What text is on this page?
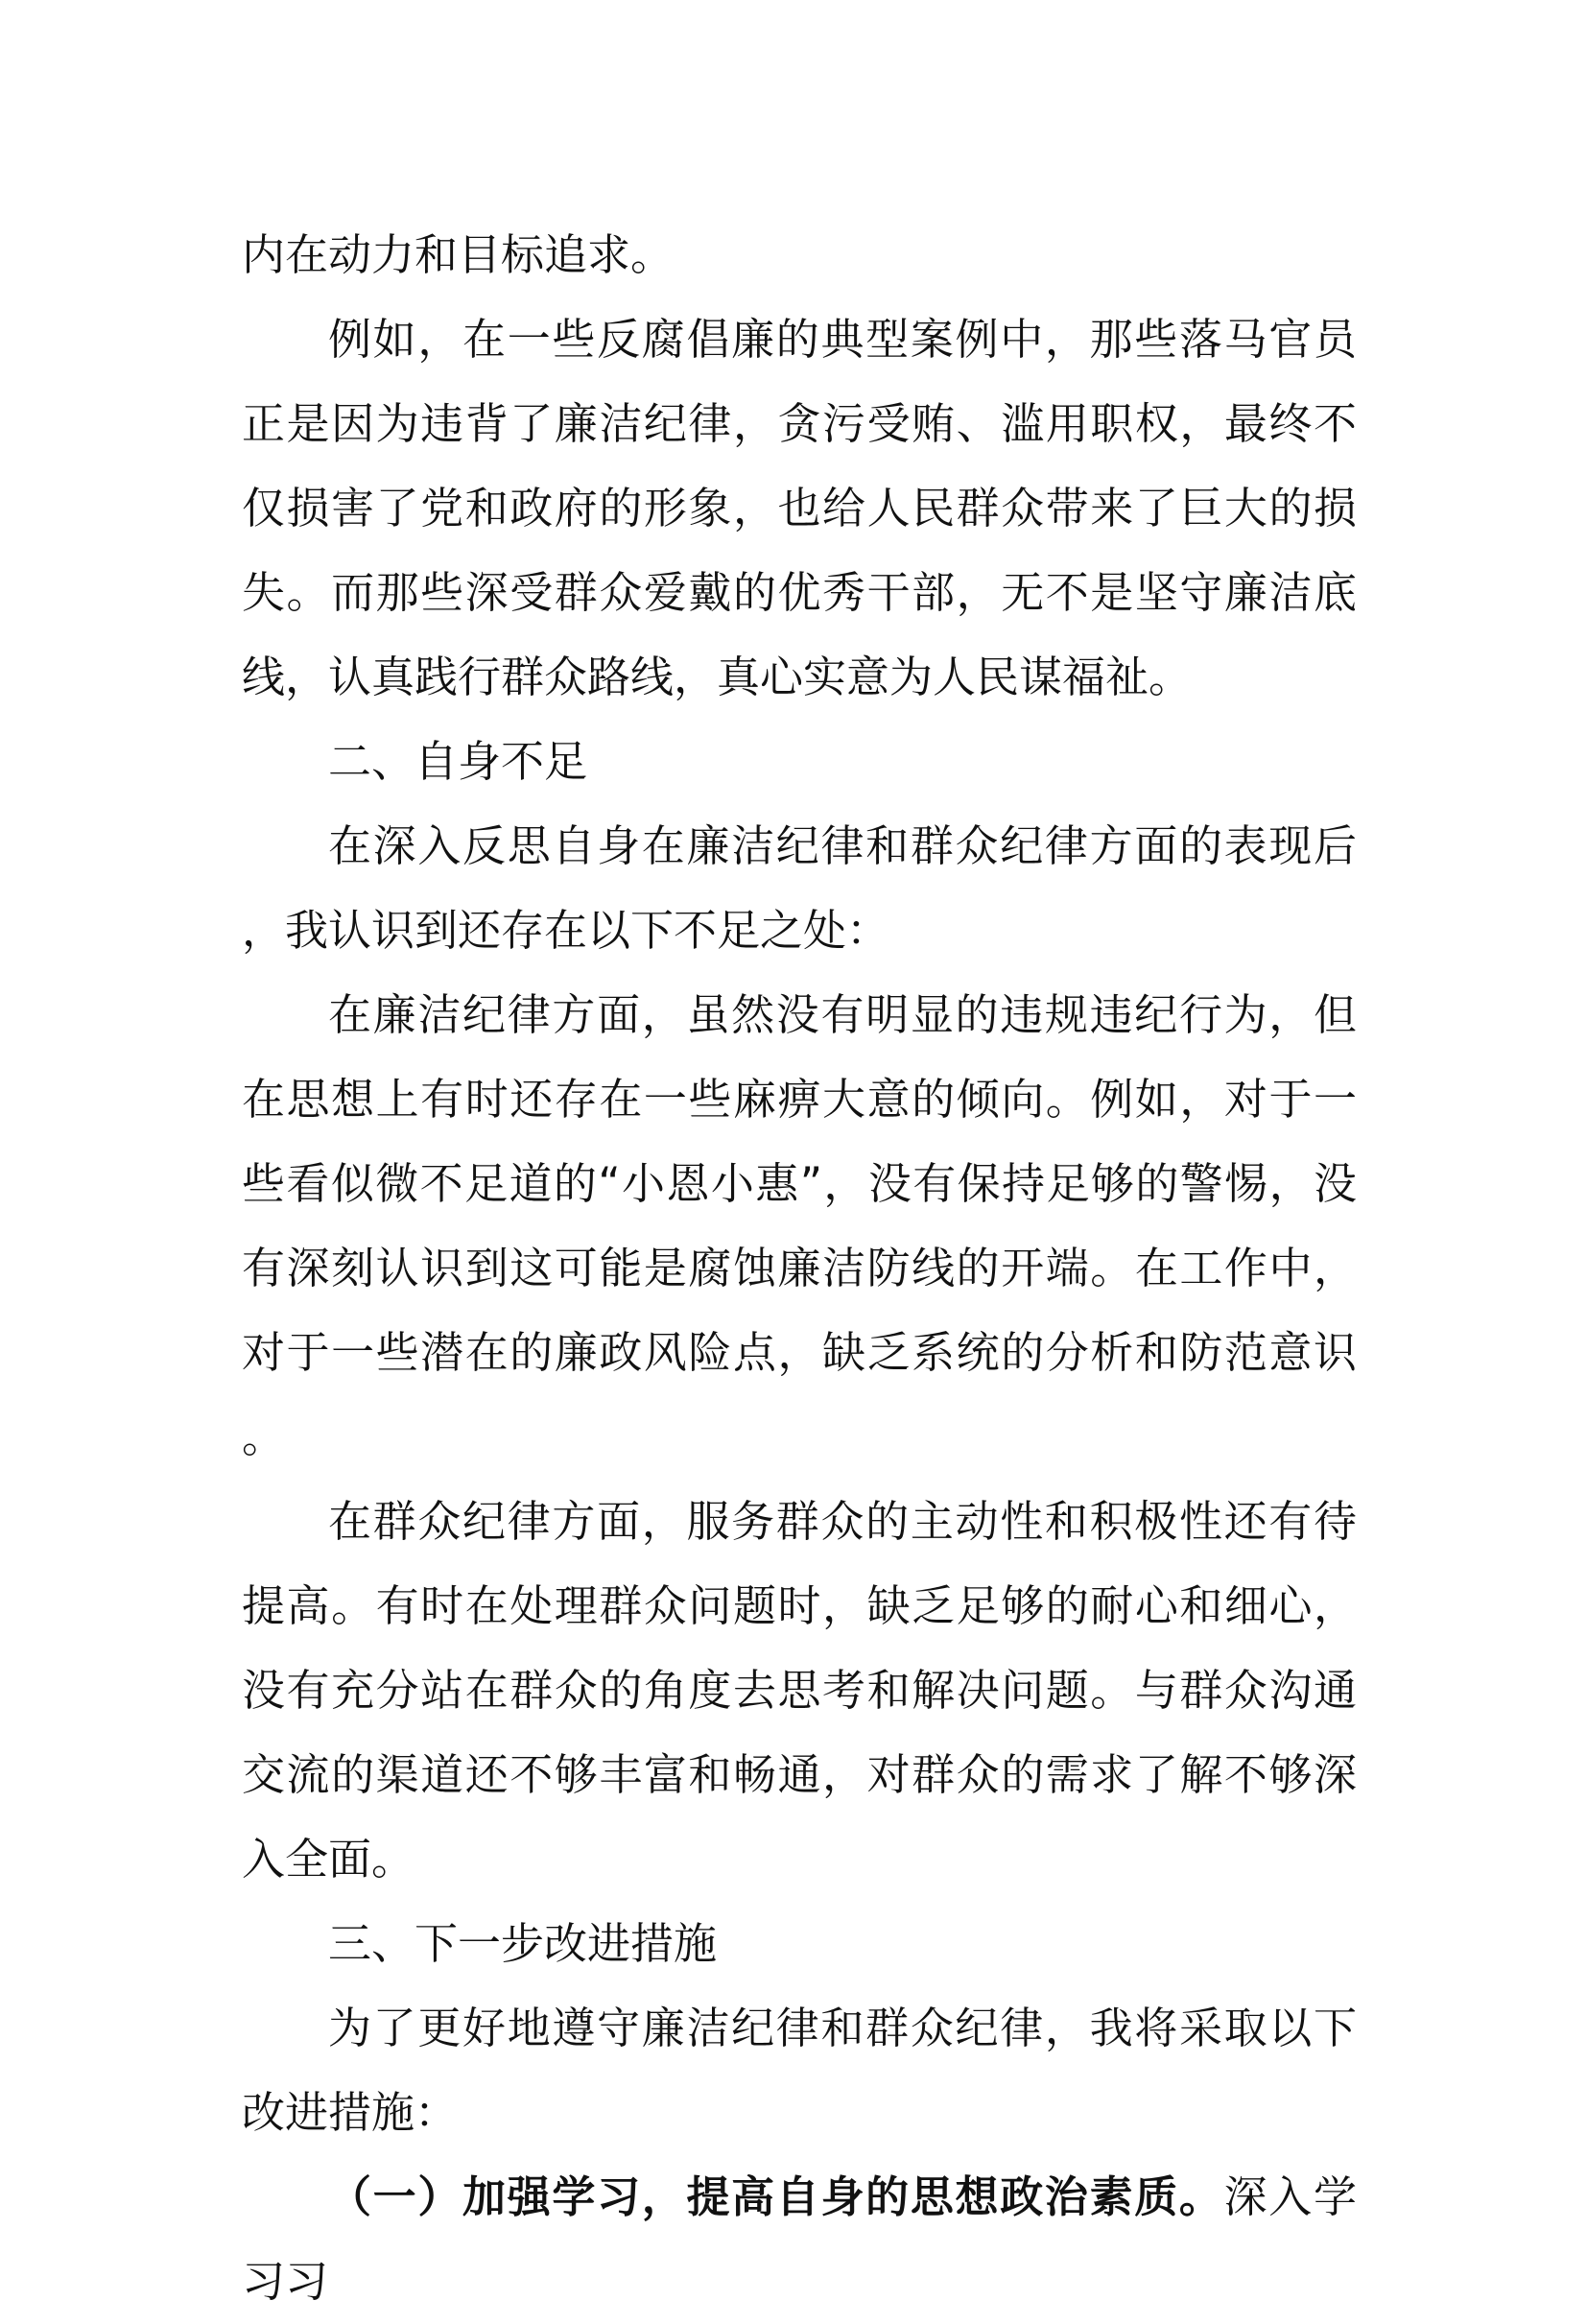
内在动力和目标追求。

例如，在一些反腐倡廉的典型案例中，那些落马官员正是因为违背了廉洁纪律，贪污受贿、滥用职权，最终不仅损害了党和政府的形象，也给人民群众带来了巨大的损失。而那些深受群众爱戴的优秀干部，无不是坚守廉洁底线，认真践行群众路线，真心实意为人民谋福祉。

二、自身不足

在深入反思自身在廉洁纪律和群众纪律方面的表现后，我认识到还存在以下不足之处：

在廉洁纪律方面，虽然没有明显的违规违纪行为，但在思想上有时还存在一些麻痹大意的倾向。例如，对于一些看似微不足道的“小恩小惠”，没有保持足够的警惕，没有深刻认识到这可能是腐蚀廉洁防线的开端。在工作中，对于一些潜在的廉政风险点，缺乏系统的分析和防范意识。

在群众纪律方面，服务群众的主动性和积极性还有待提高。有时在处理群众问题时，缺乏足够的耐心和细心，没有充分站在群众的角度去思考和解决问题。与群众沟通交流的渠道还不够丰富和畅通，对群众的需求了解不够深入全面。

三、下一步改进措施

为了更好地遵守廉洁纪律和群众纪律，我将采取以下改进措施：

（一）加强学习，提高自身的思想政治素质。深入学习习
